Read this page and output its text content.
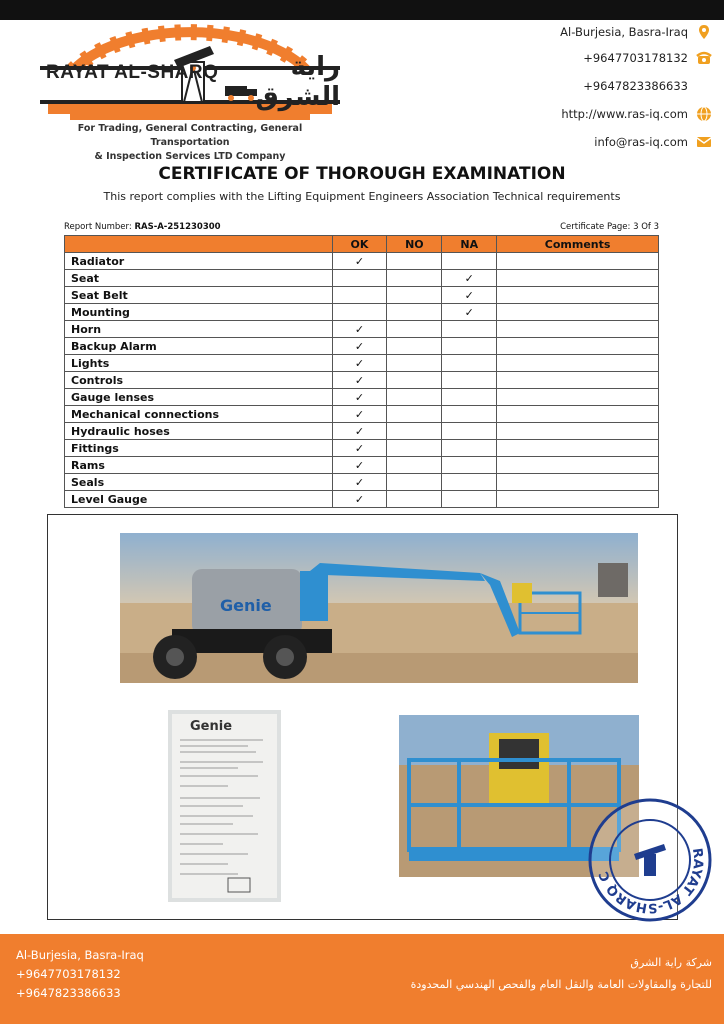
RAYAT AL-SHARQ	راية الشرق
For Trading, General Contracting, General Transportation
& Inspection Services LTD Company
Al-Burjesia, Basra-Iraq
+9647703178132
+9647823386633
http://www.ras-iq.com
info@ras-iq.com
CERTIFICATE OF THOROUGH EXAMINATION
This report complies with the Lifting Equipment Engineers Association Technical requirements
Report Number: RAS-A-251230300	Certificate Page: 3 Of 3
	OK	NO	NA	Comments
Radiator	✓			
Seat			✓	
Seat Belt			✓	
Mounting			✓	
Horn	✓			
Backup Alarm	✓			
Lights	✓			
Controls	✓			
Gauge lenses	✓			
Mechanical connections	✓			
Hydraulic hoses	✓			
Fittings	✓			
Rams	✓			
Seals	✓			
Level Gauge	✓			
Genie
Genie
RAYAT AL-SHARQ Co.
Al-Burjesia, Basra-Iraq
+9647703178132
+9647823386633
شركة راية الشرق
للتجارة والمقاولات العامة والنقل العام والفحص الهندسي المحدودة
